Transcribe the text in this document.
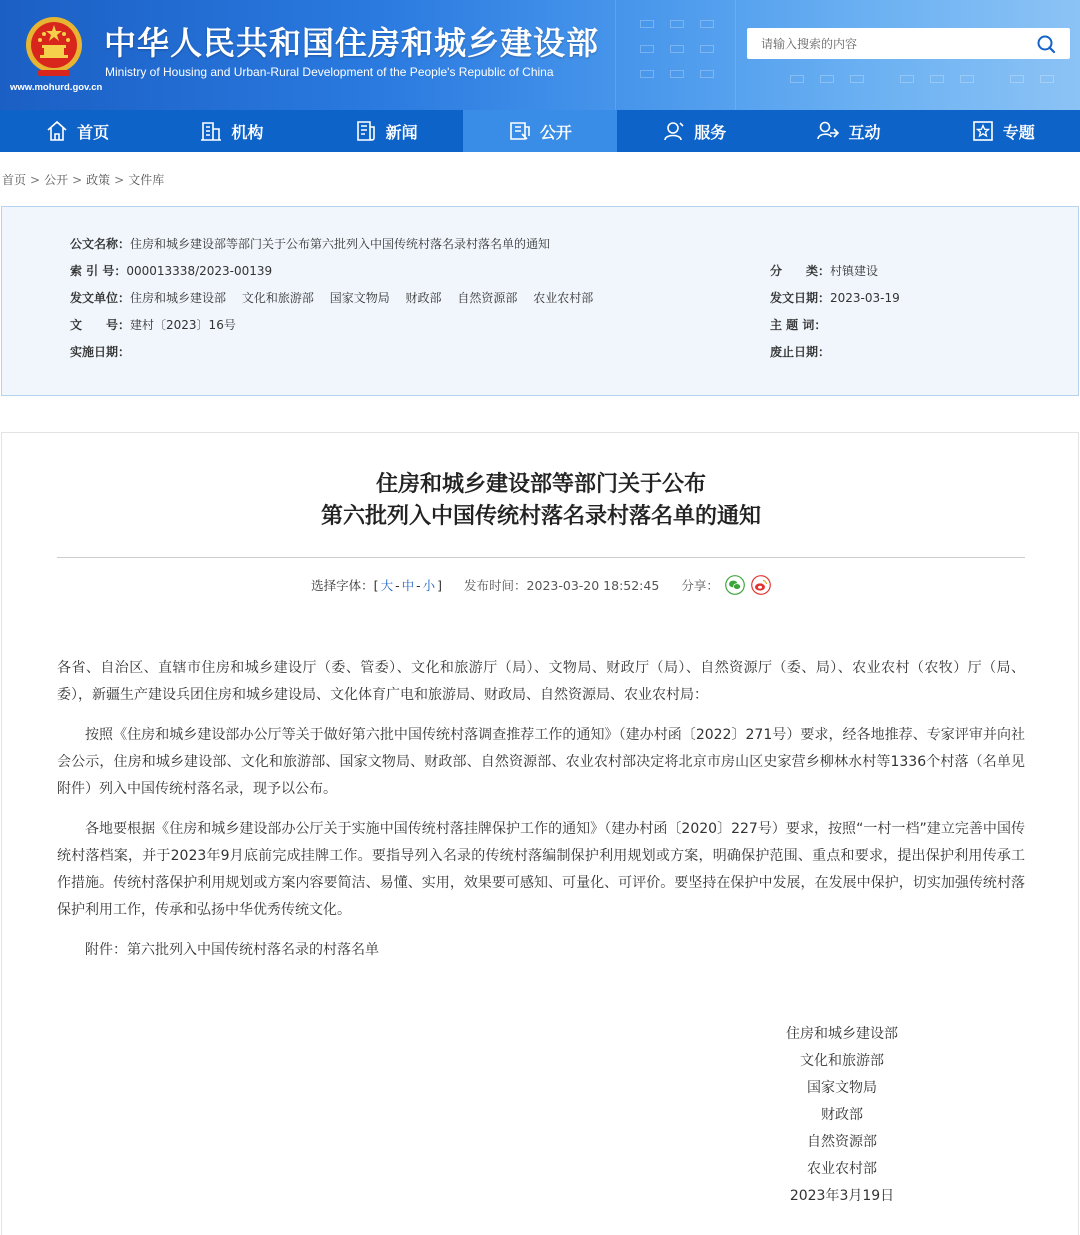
中华人民共和国住房和城乡建设部
Ministry of Housing and Urban-Rural Development of the People's Republic of China
www.mohurd.gov.cn
请输入搜索的内容
首页	机构	新闻	公开	服务	互动	专题
首页 > 公开 > 政策 > 文件库
公文名称： 住房和城乡建设部等部门关于公布第六批列入中国传统村落名录村落名单的通知
索 引 号： 000013338/2023-00139	分　　类： 村镇建设
发文单位： 住房和城乡建设部 文化和旅游部 国家文物局 财政部 自然资源部 农业农村部	发文日期： 2023-03-19
文　　号： 建村〔2023〕16号	主 题 词：
实施日期：	废止日期：
住房和城乡建设部等部门关于公布
第六批列入中国传统村落名录村落名单的通知
选择字体：[ 大 - 中 - 小 ] 发布时间：2023-03-20 18:52:45 分享：

各省、自治区、直辖市住房和城乡建设厅（委、管委）、文化和旅游厅（局）、文物局、财政厅（局）、自然资源厅（委、局）、农业农村（农牧）厅（局、委），新疆生产建设兵团住房和城乡建设局、文化体育广电和旅游局、财政局、自然资源局、农业农村局：

按照《住房和城乡建设部办公厅等关于做好第六批中国传统村落调查推荐工作的通知》（建办村函〔2022〕271号）要求，经各地推荐、专家评审并向社会公示，住房和城乡建设部、文化和旅游部、国家文物局、财政部、自然资源部、农业农村部决定将北京市房山区史家营乡柳林水村等1336个村落（名单见附件）列入中国传统村落名录，现予以公布。

各地要根据《住房和城乡建设部办公厅关于实施中国传统村落挂牌保护工作的通知》（建办村函〔2020〕227号）要求，按照“一村一档”建立完善中国传统村落档案，并于2023年9月底前完成挂牌工作。要指导列入名录的传统村落编制保护利用规划或方案，明确保护范围、重点和要求，提出保护利用传承工作措施。传统村落保护利用规划或方案内容要简洁、易懂、实用，效果要可感知、可量化、可评价。要坚持在保护中发展，在发展中保护，切实加强传统村落保护利用工作，传承和弘扬中华优秀传统文化。

附件：第六批列入中国传统村落名录的村落名单

住房和城乡建设部
文化和旅游部
国家文物局
财政部
自然资源部
农业农村部
2023年3月19日
